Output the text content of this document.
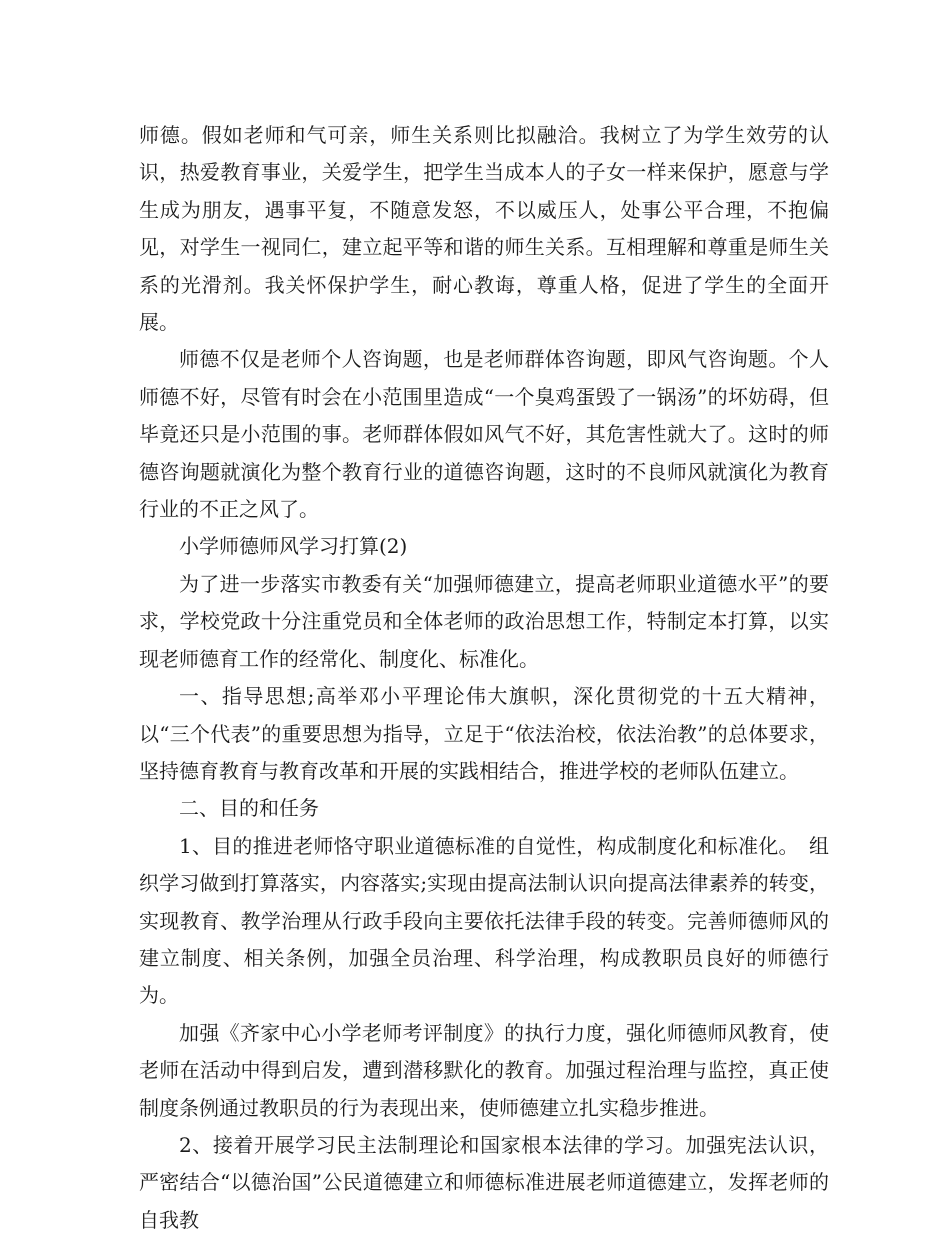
师德。假如老师和气可亲，师生关系则比拟融洽。我树立了为学生效劳的认识，热爱教育事业，关爱学生，把学生当成本人的子女一样来保护，愿意与学生成为朋友，遇事平复，不随意发怒，不以威压人，处事公平合理，不抱偏见，对学生一视同仁，建立起平等和谐的师生关系。互相理解和尊重是师生关系的光滑剂。我关怀保护学生，耐心教诲，尊重人格，促进了学生的全面开展。

师德不仅是老师个人咨询题，也是老师群体咨询题，即风气咨询题。个人师德不好，尽管有时会在小范围里造成“一个臭鸡蛋毁了一锅汤”的坏妨碍，但毕竟还只是小范围的事。老师群体假如风气不好，其危害性就大了。这时的师德咨询题就演化为整个教育行业的道德咨询题，这时的不良师风就演化为教育行业的不正之风了。

小学师德师风学习打算(2)

为了进一步落实市教委有关“加强师德建立，提高老师职业道德水平”的要求，学校党政十分注重党员和全体老师的政治思想工作，特制定本打算，以实现老师德育工作的经常化、制度化、标准化。

一、指导思想;高举邓小平理论伟大旗帜，深化贯彻党的十五大精神，以“三个代表”的重要思想为指导，立足于“依法治校，依法治教”的总体要求，坚持德育教育与教育改革和开展的实践相结合，推进学校的老师队伍建立。

二、目的和任务

1、目的推进老师恪守职业道德标准的自觉性，构成制度化和标准化。　组织学习做到打算落实，内容落实;实现由提高法制认识向提高法律素养的转变，实现教育、教学治理从行政手段向主要依托法律手段的转变。完善师德师风的建立制度、相关条例，加强全员治理、科学治理，构成教职员良好的师德行为。

加强《齐家中心小学老师考评制度》的执行力度，强化师德师风教育，使老师在活动中得到启发，遭到潜移默化的教育。加强过程治理与监控，真正使制度条例通过教职员的行为表现出来，使师德建立扎实稳步推进。

2、接着开展学习民主法制理论和国家根本法律的学习。加强宪法认识，严密结合“以德治国”公民道德建立和师德标准进展老师道德建立，发挥老师的自我教
